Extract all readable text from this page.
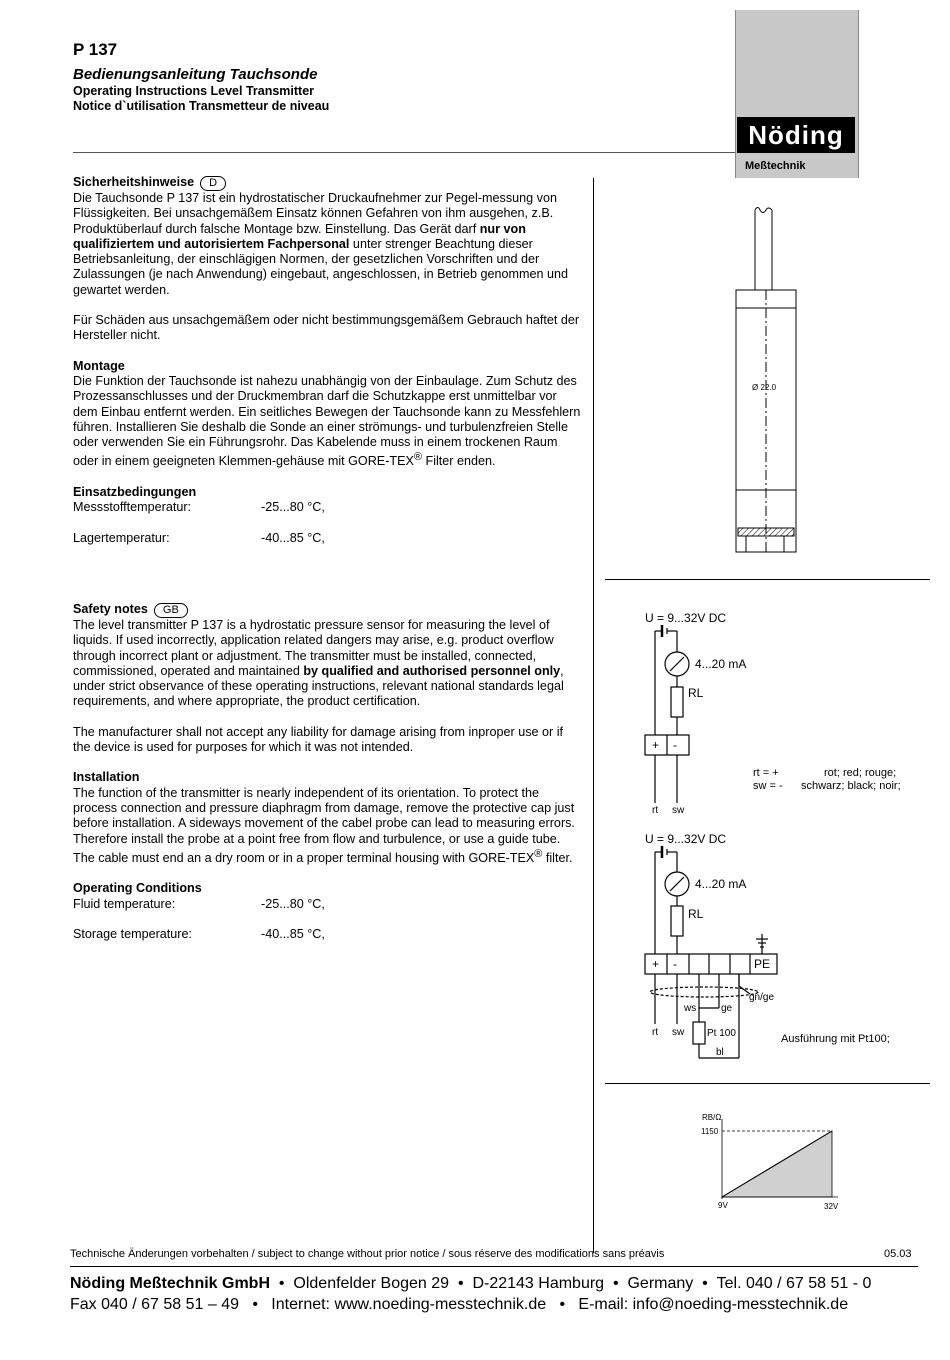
P 137
Bedienungsanleitung Tauchsonde
Operating Instructions Level Transmitter
Notice d`utilisation Transmetteur de niveau
Nöding
Meßtechnik

Sicherheitshinweise D

Die Tauchsonde P 137 ist ein hydrostatischer Druckaufnehmer zur Pegel-messung von Flüssigkeiten. Bei unsachgemäßem Einsatz können Gefahren von ihm ausgehen, z.B. Produktüberlauf durch falsche Montage bzw. Einstellung. Das Gerät darf nur von qualifiziertem und autorisiertem Fachpersonal unter strenger Beachtung dieser Betriebsanleitung, der einschlägigen Normen, der gesetzlichen Vorschriften und der Zulassungen (je nach Anwendung) eingebaut, angeschlossen, in Betrieb genommen und gewartet werden.

Für Schäden aus unsachgemäßem oder nicht bestimmungsgemäßem Gebrauch haftet der Hersteller nicht.

Montage

Die Funktion der Tauchsonde ist nahezu unabhängig von der Einbaulage. Zum Schutz des Prozessanschlusses und der Druckmembran darf die Schutzkappe erst unmittelbar vor dem Einbau entfernt werden. Ein seitliches Bewegen der Tauchsonde kann zu Messfehlern führen. Installieren Sie deshalb die Sonde an einer strömungs- und turbulenzfreien Stelle oder verwenden Sie ein Führungsrohr. Das Kabelende muss in einem trockenen Raum oder in einem geeigneten Klemmen-gehäuse mit GORE-TEX® Filter enden.

Einsatzbedingungen

Messstofftemperatur:	-25...80 °C,
Lagertemperatur:	-40...85 °C,

Safety notes GB

The level transmitter P 137 is a hydrostatic pressure sensor for measuring the level of liquids. If used incorrectly, application related dangers may arise, e.g. product overflow through incorrect plant or adjustment. The transmitter must be installed, connected, commissioned, operated and maintained by qualified and authorised personnel only, under strict observance of these operating instructions, relevant national standards legal requirements, and where appropriate, the product certification.

The manufacturer shall not accept any liability for damage arising from inproper use or if the device is used for purposes for which it was not intended.

Installation

The function of the transmitter is nearly independent of its orientation. To protect the process connection and pressure diaphragm from damage, remove the protective cap just before installation. A sideways movement of the cabel probe can lead to measuring errors. Therefore install the probe at a point free from flow and turbulence, or use a guide tube. The cable must end an a dry room or in a proper terminal housing with GORE-TEX® filter.

Operating Conditions

Fluid temperature:	-25...80 °C,
Storage temperature:	-40...85 °C,
Ø 22.0
U = 9...32V DC
4...20 mA
RL
+ -
rt sw
rt = +	rot; red; rouge;
sw = - schwarz; black; noir;
U = 9...32V DC
4...20 mA
RL
+ -	PE
ws ge
gn/ge
rt sw Pt 100
bl
Ausführung mit Pt100;
RB/Ω
1150
9V	32V
Technische Änderungen vorbehalten / subject to change without prior notice / sous réserve des modifications sans préavis	05.03
Nöding Meßtechnik GmbH  •  Oldenfelder Bogen 29  •  D-22143 Hamburg  •  Germany  •  Tel. 040 / 67 58 51 - 0
Fax 040 / 67 58 51 – 49   •   Internet: www.noeding-messtechnik.de   •   E-mail: info@noeding-messtechnik.de
